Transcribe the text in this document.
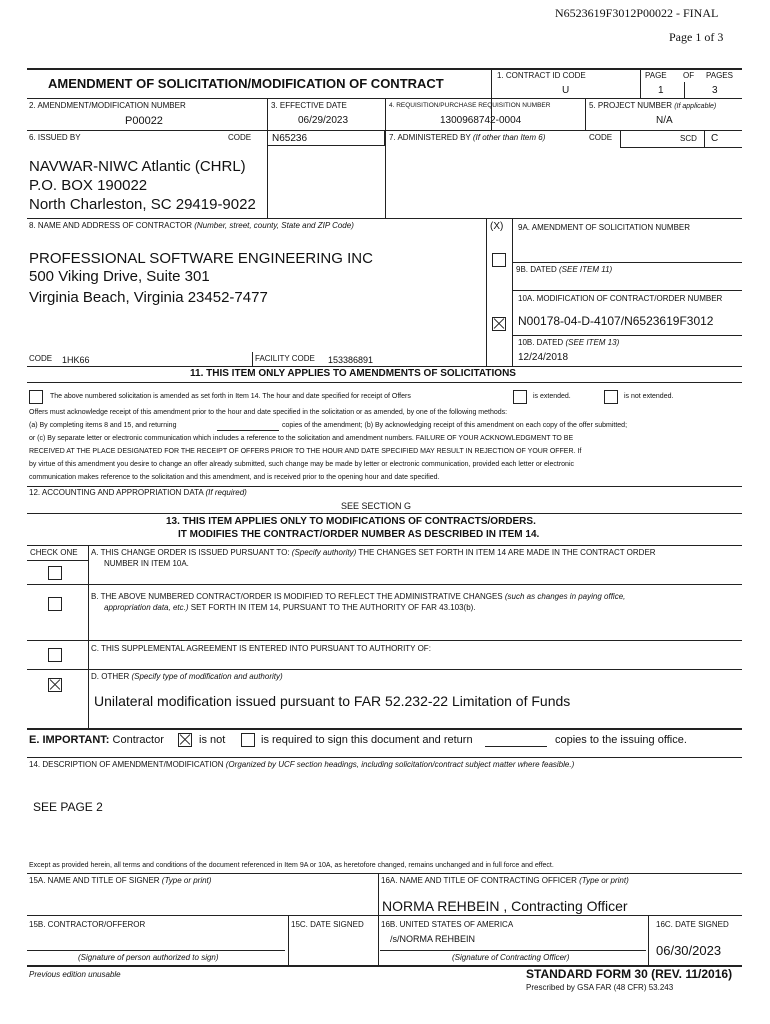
N6523619F3012P00022 - FINAL
Page 1 of 3
AMENDMENT OF SOLICITATION/MODIFICATION OF CONTRACT
1. CONTRACT ID CODE
U
PAGE OF PAGES
1	3
2. AMENDMENT/MODIFICATION NUMBER
P00022
3. EFFECTIVE DATE
06/29/2023
4. REQUISITION/PURCHASE REQUISITION NUMBER
1300968742-0004
5. PROJECT NUMBER (If applicable)
N/A
6. ISSUED BY	CODE N65236
NAVWAR-NIWC Atlantic (CHRL)
P.O. BOX 190022
North Charleston, SC 29419-9022
7. ADMINISTERED BY (If other than Item 6)	CODE	SCD C
8. NAME AND ADDRESS OF CONTRACTOR (Number, street, county, State and ZIP Code)
PROFESSIONAL SOFTWARE ENGINEERING INC
500 Viking Drive, Suite 301
Virginia Beach, Virginia 23452-7477
CODE 1HK66	FACILITY CODE 153386891
(X) 9A. AMENDMENT OF SOLICITATION NUMBER
9B. DATED (SEE ITEM 11)
10A. MODIFICATION OF CONTRACT/ORDER NUMBER
N00178-04-D-4107/N6523619F3012
10B. DATED (SEE ITEM 13)
12/24/2018
11. THIS ITEM ONLY APPLIES TO AMENDMENTS OF SOLICITATIONS
The above numbered solicitation is amended as set forth in Item 14. The hour and date specified for receipt of Offers	is extended.	is not extended.
Offers must acknowledge receipt of this amendment prior to the hour and date specified in the solicitation or as amended, by one of the following methods:
(a) By completing items 8 and 15, and returning	copies of the amendment; (b) By acknowledging receipt of this amendment on each copy of the offer submitted;
or (c) By separate letter or electronic communication which includes a reference to the solicitation and amendment numbers. FAILURE OF YOUR ACKNOWLEDGMENT TO BE
RECEIVED AT THE PLACE DESIGNATED FOR THE RECEIPT OF OFFERS PRIOR TO THE HOUR AND DATE SPECIFIED MAY RESULT IN REJECTION OF YOUR OFFER. If
by virtue of this amendment you desire to change an offer already submitted, such change may be made by letter or electronic communication, provided each letter or electronic
communication makes reference to the solicitation and this amendment, and is received prior to the opening hour and date specified.
12. ACCOUNTING AND APPROPRIATION DATA (If required)
SEE SECTION G
13. THIS ITEM APPLIES ONLY TO MODIFICATIONS OF CONTRACTS/ORDERS.
IT MODIFIES THE CONTRACT/ORDER NUMBER AS DESCRIBED IN ITEM 14.
CHECK ONE A. THIS CHANGE ORDER IS ISSUED PURSUANT TO: (Specify authority) THE CHANGES SET FORTH IN ITEM 14 ARE MADE IN THE CONTRACT ORDER
NUMBER IN ITEM 10A.
B. THE ABOVE NUMBERED CONTRACT/ORDER IS MODIFIED TO REFLECT THE ADMINISTRATIVE CHANGES (such as changes in paying office,
appropriation data, etc.) SET FORTH IN ITEM 14, PURSUANT TO THE AUTHORITY OF FAR 43.103(b).
C. THIS SUPPLEMENTAL AGREEMENT IS ENTERED INTO PURSUANT TO AUTHORITY OF:
D. OTHER (Specify type of modification and authority)
Unilateral modification issued pursuant to FAR 52.232-22 Limitation of Funds
E. IMPORTANT: Contractor	is not	is required to sign this document and return	copies to the issuing office.
14. DESCRIPTION OF AMENDMENT/MODIFICATION (Organized by UCF section headings, including solicitation/contract subject matter where feasible.)
SEE PAGE 2
Except as provided herein, all terms and conditions of the document referenced in Item 9A or 10A, as heretofore changed, remains unchanged and in full force and effect.
15A. NAME AND TITLE OF SIGNER (Type or print)	16A. NAME AND TITLE OF CONTRACTING OFFICER (Type or print)
NORMA REHBEIN , Contracting Officer
15B. CONTRACTOR/OFFEROR	15C. DATE SIGNED
(Signature of person authorized to sign)
16B. UNITED STATES OF AMERICA
/s/NORMA REHBEIN
(Signature of Contracting Officer)
16C. DATE SIGNED
06/30/2023
Previous edition unusable	STANDARD FORM 30 (REV. 11/2016)
Prescribed by GSA FAR (48 CFR) 53.243
